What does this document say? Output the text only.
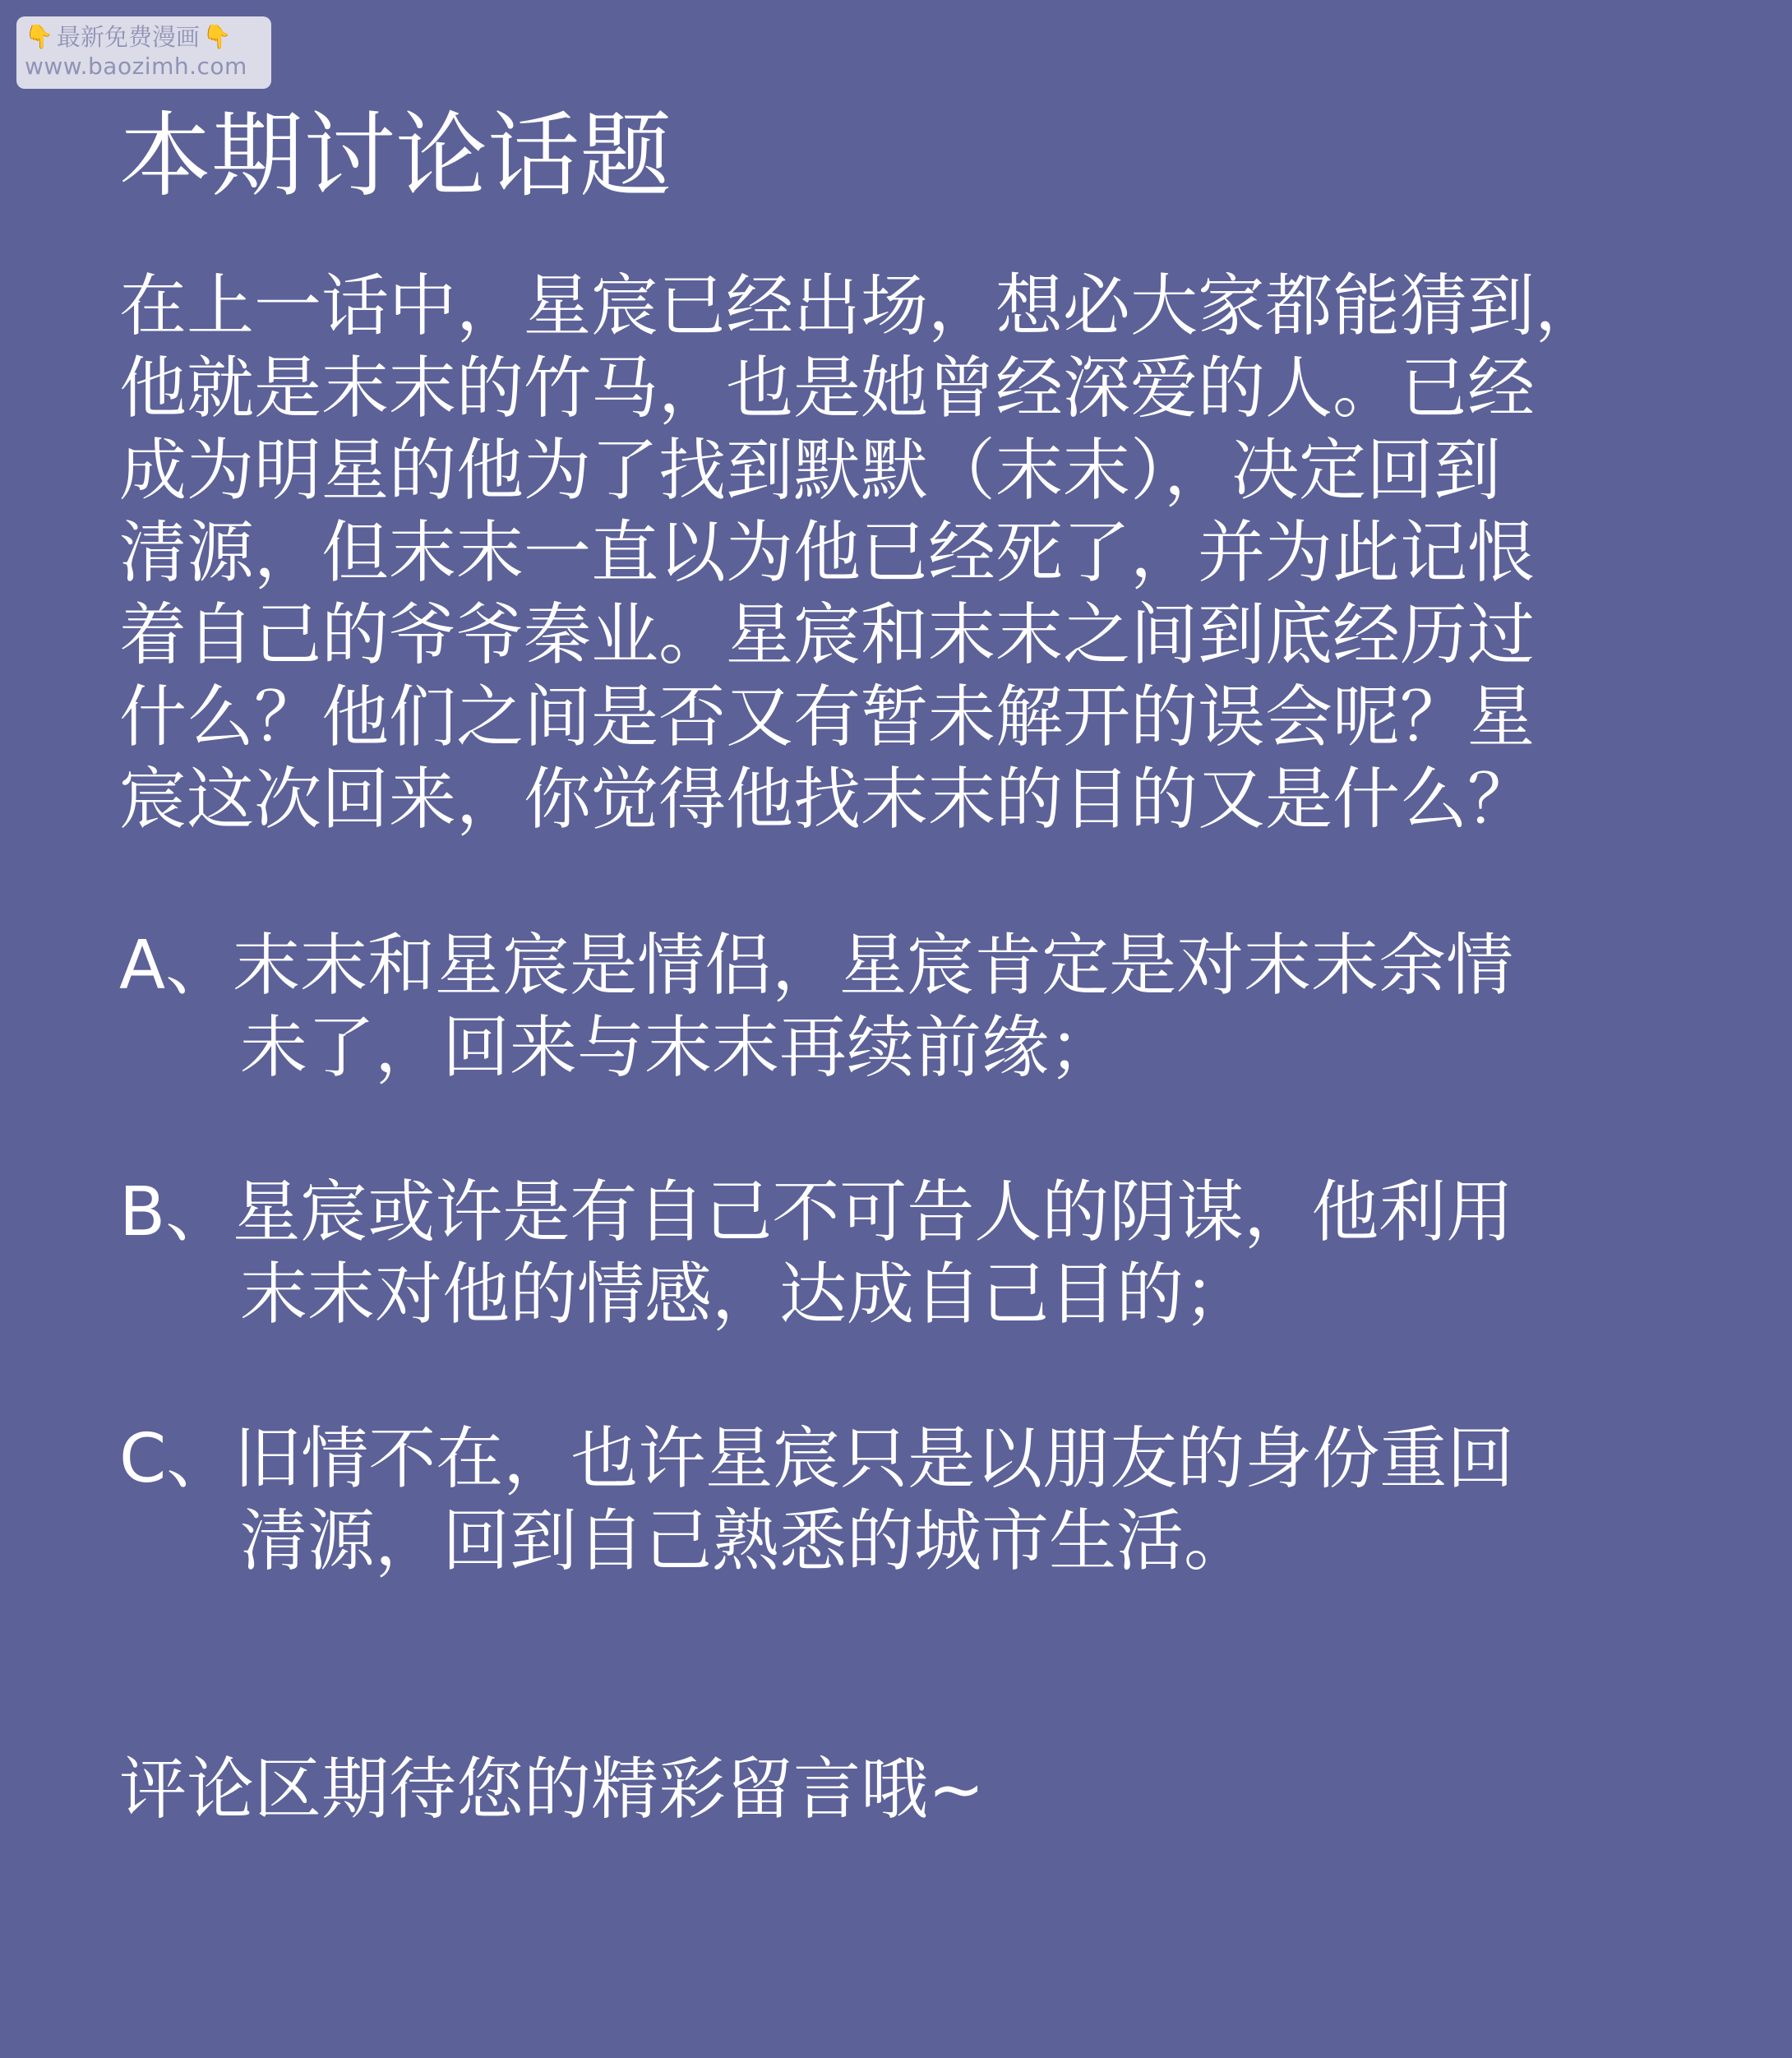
👇 最新免费漫画 👇
www.baozimh.com
本期讨论话题
在上一话中，星宸已经出场，想必大家都能猜到，
他就是末末的竹马，也是她曾经深爱的人。已经
成为明星的他为了找到默默（末末），决定回到
清源，但末末一直以为他已经死了，并为此记恨
着自己的爷爷秦业。星宸和末末之间到底经历过
什么？他们之间是否又有暂未解开的误会呢？星
宸这次回来，你觉得他找末末的目的又是什么？
A、末末和星宸是情侣，星宸肯定是对末末余情
未了，回来与末末再续前缘；
B、星宸或许是有自己不可告人的阴谋，他利用
末末对他的情感，达成自己目的；
C、旧情不在，也许星宸只是以朋友的身份重回
清源，回到自己熟悉的城市生活。
评论区期待您的精彩留言哦~
